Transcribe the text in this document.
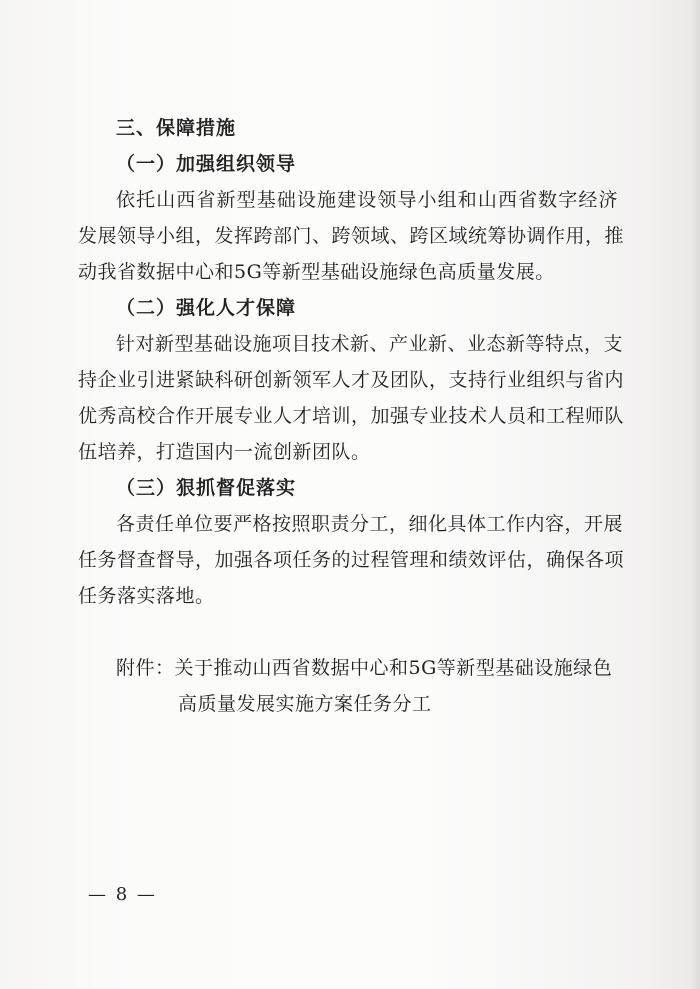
三、保障措施
（一）加强组织领导
依托山西省新型基础设施建设领导小组和山西省数字经济
发展领导小组，发挥跨部门、跨领域、跨区域统筹协调作用，推
动我省数据中心和5G等新型基础设施绿色高质量发展。
（二）强化人才保障
针对新型基础设施项目技术新、产业新、业态新等特点，支
持企业引进紧缺科研创新领军人才及团队，支持行业组织与省内
优秀高校合作开展专业人才培训，加强专业技术人员和工程师队
伍培养，打造国内一流创新团队。
（三）狠抓督促落实
各责任单位要严格按照职责分工，细化具体工作内容，开展
任务督查督导，加强各项任务的过程管理和绩效评估，确保各项
任务落实落地。
附件：关于推动山西省数据中心和5G等新型基础设施绿色
高质量发展实施方案任务分工
— 8 —
